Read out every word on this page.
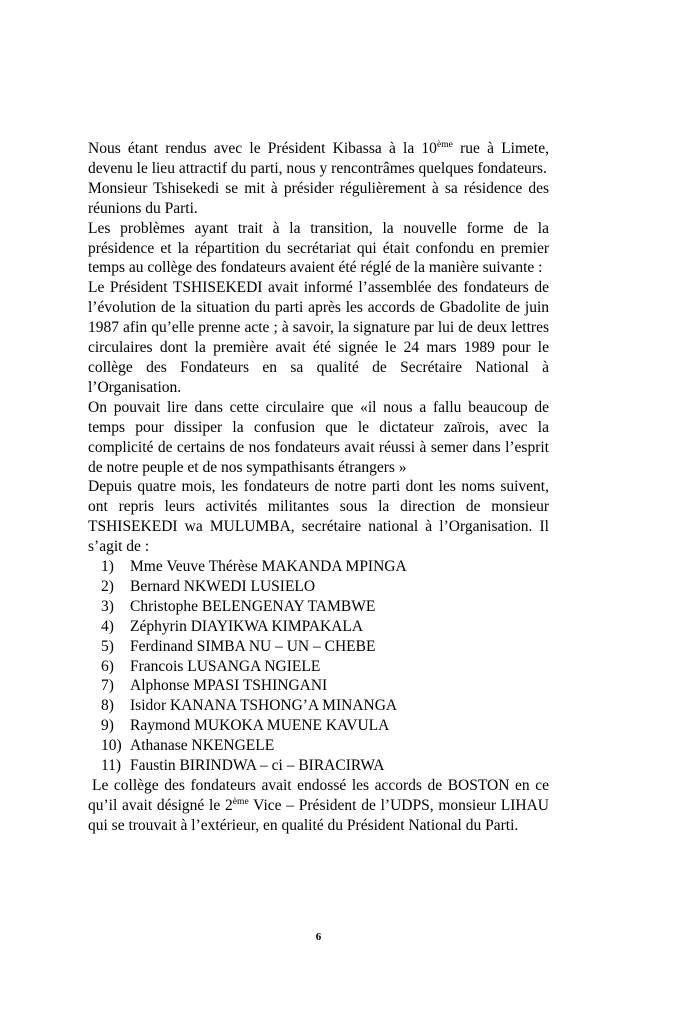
Nous étant rendus avec le Président Kibassa à la 10ème rue à Limete, devenu le lieu attractif du parti, nous y rencontrâmes quelques fondateurs.

Monsieur Tshisekedi se mit à présider régulièrement à sa résidence des réunions du Parti.

Les problèmes ayant trait à la transition, la nouvelle forme de la présidence et la répartition du secrétariat qui était confondu en premier temps au collège des fondateurs avaient été réglé de la manière suivante :

Le Président TSHISEKEDI avait informé l’assemblée des fondateurs de l’évolution de la situation du parti après les accords de Gbadolite de juin 1987 afin qu’elle prenne acte ; à savoir, la signature par lui de deux lettres circulaires dont la première avait été signée le 24 mars 1989 pour le collège des Fondateurs en sa qualité de Secrétaire National à l’Organisation.

On pouvait lire dans cette circulaire que «il nous a fallu beaucoup de temps pour dissiper la confusion que le dictateur zaïrois, avec la complicité de certains de nos fondateurs avait réussi à semer dans l’esprit de notre peuple et de nos sympathisants étrangers »

Depuis quatre mois, les fondateurs de notre parti dont les noms suivent, ont repris leurs activités militantes sous la direction de monsieur TSHISEKEDI wa MULUMBA, secrétaire national à l’Organisation. Il s’agit de :

1)	Mme Veuve Thérèse MAKANDA MPINGA
2)	Bernard NKWEDI LUSIELO
3)	Christophe BELENGENAY TAMBWE
4)	Zéphyrin DIAYIKWA KIMPAKALA
5)	Ferdinand SIMBA NU – UN – CHEBE
6)	Francois LUSANGA NGIELE
7)	Alphonse MPASI TSHINGANI
8)	Isidor KANANA TSHONG’A MINANGA
9)	Raymond MUKOKA MUENE KAVULA
10) Athanase NKENGELE
11) Faustin BIRINDWA – ci – BIRACIRWA

Le collège des fondateurs avait endossé les accords de BOSTON en ce qu’il avait désigné le 2ème Vice – Président de l’UDPS, monsieur LIHAU qui se trouvait à l’extérieur, en qualité du Président National du Parti.

6
